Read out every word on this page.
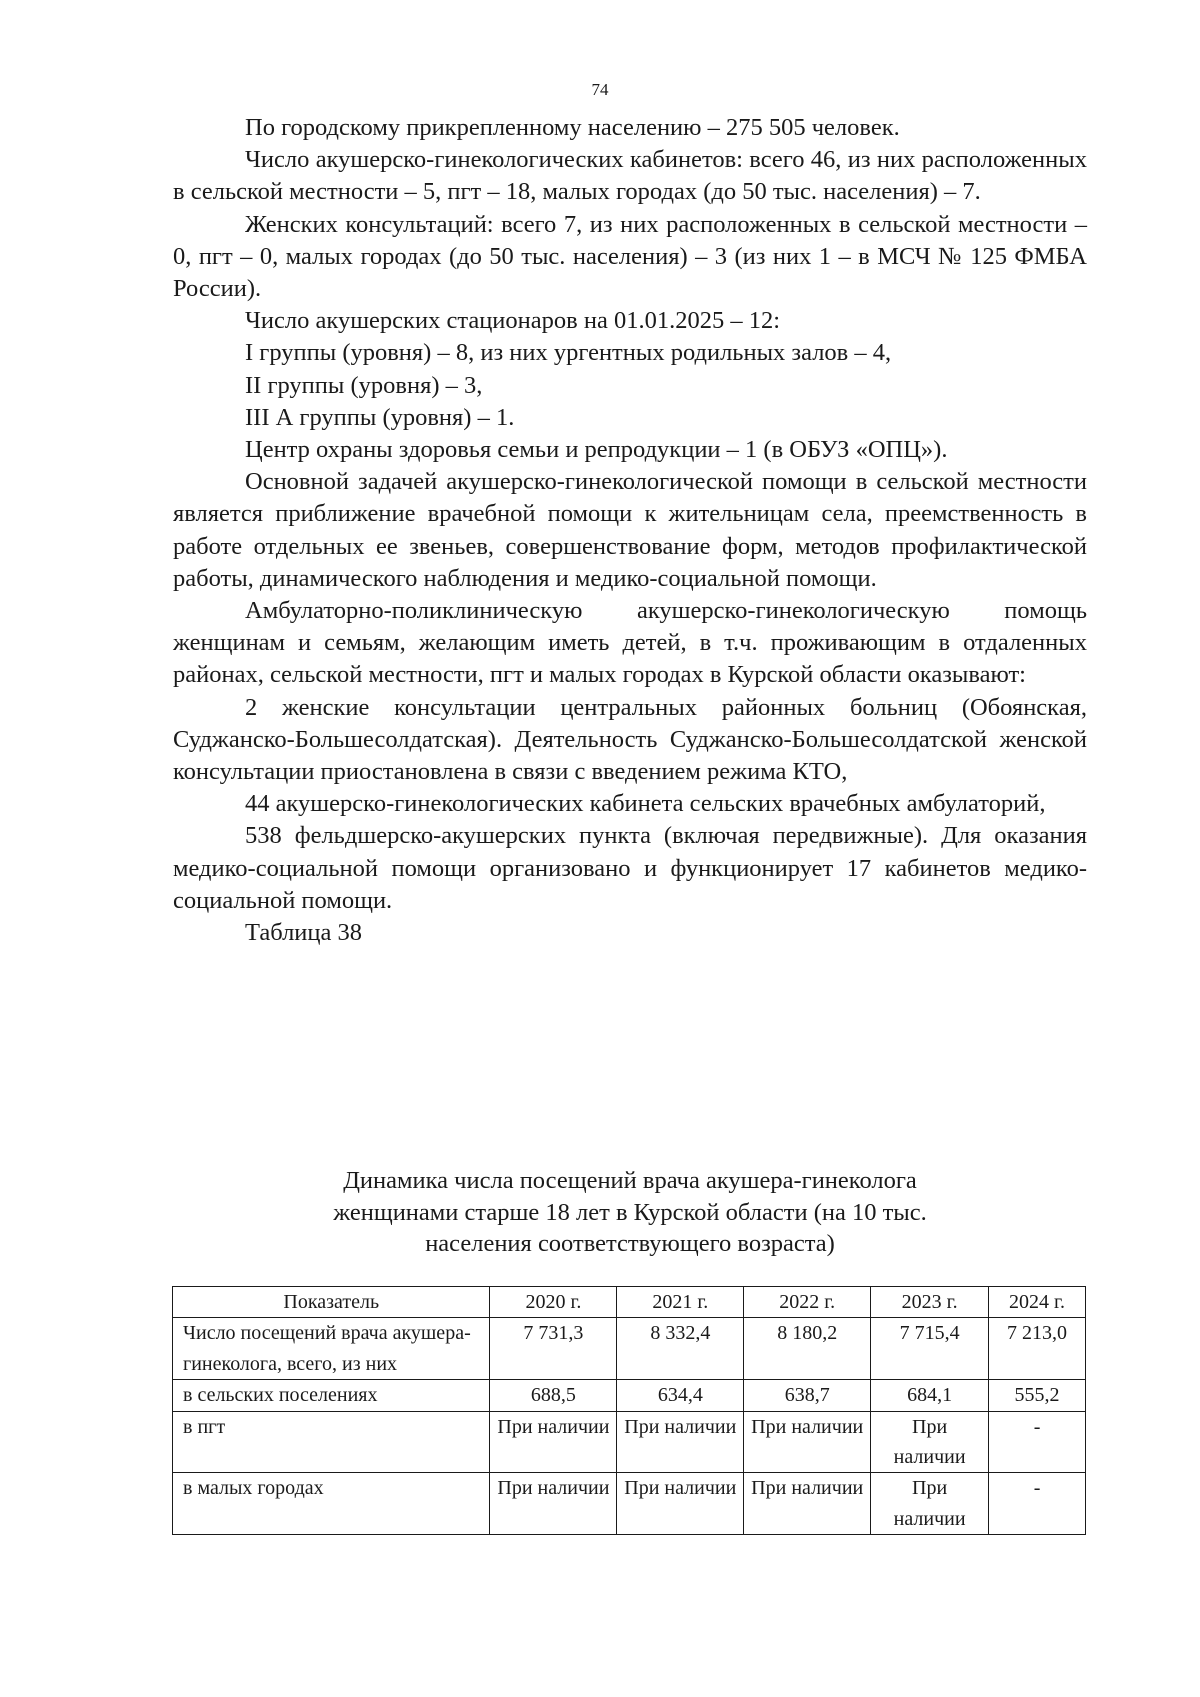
74

По городскому прикрепленному населению – 275 505 человек.

Число акушерско-гинекологических кабинетов: всего 46, из них расположенных в сельской местности – 5, пгт – 18, малых городах (до 50 тыс. населения) – 7.

Женских консультаций: всего 7, из них расположенных в сельской местности – 0, пгт – 0, малых городах (до 50 тыс. населения) – 3 (из них 1 – в МСЧ № 125 ФМБА России).

Число акушерских стационаров на 01.01.2025 – 12:

I группы (уровня) – 8, из них ургентных родильных залов – 4,

II группы (уровня) – 3,

III А группы (уровня) – 1.

Центр охраны здоровья семьи и репродукции – 1 (в ОБУЗ «ОПЦ»).

Основной задачей акушерско-гинекологической помощи в сельской местности является приближение врачебной помощи к жительницам села, преемственность в работе отдельных ее звеньев, совершенствование форм, методов профилактической работы, динамического наблюдения и медико-социальной помощи.

Амбулаторно-поликлиническую акушерско-гинекологическую помощь женщинам и семьям, желающим иметь детей, в т.ч. проживающим в отдаленных районах, сельской местности, пгт и малых городах в Курской области оказывают:

2 женские консультации центральных районных больниц (Обоянская, Суджанско-Большесолдатская). Деятельность Суджанско-Большесолдатской женской консультации приостановлена в связи с введением режима КТО,

44 акушерско-гинекологических кабинета сельских врачебных амбулаторий,

538 фельдшерско-акушерских пункта (включая передвижные). Для оказания медико-социальной помощи организовано и функционирует 17 кабинетов медико-социальной помощи.

Таблица 38

Динамика числа посещений врача акушера-гинеколога
женщинами старше 18 лет в Курской области (на 10 тыс.
населения соответствующего возраста)
Показатель	2020 г.	2021 г.	2022 г.	2023 г.	2024 г.
Число посещений врача акушера-гинеколога, всего, из них	7 731,3	8 332,4	8 180,2	7 715,4	7 213,0
в сельских поселениях	688,5	634,4	638,7	684,1	555,2
в пгт	При наличии	При наличии	При наличии	При наличии	-
в малых городах	При наличии	При наличии	При наличии	При наличии	-
